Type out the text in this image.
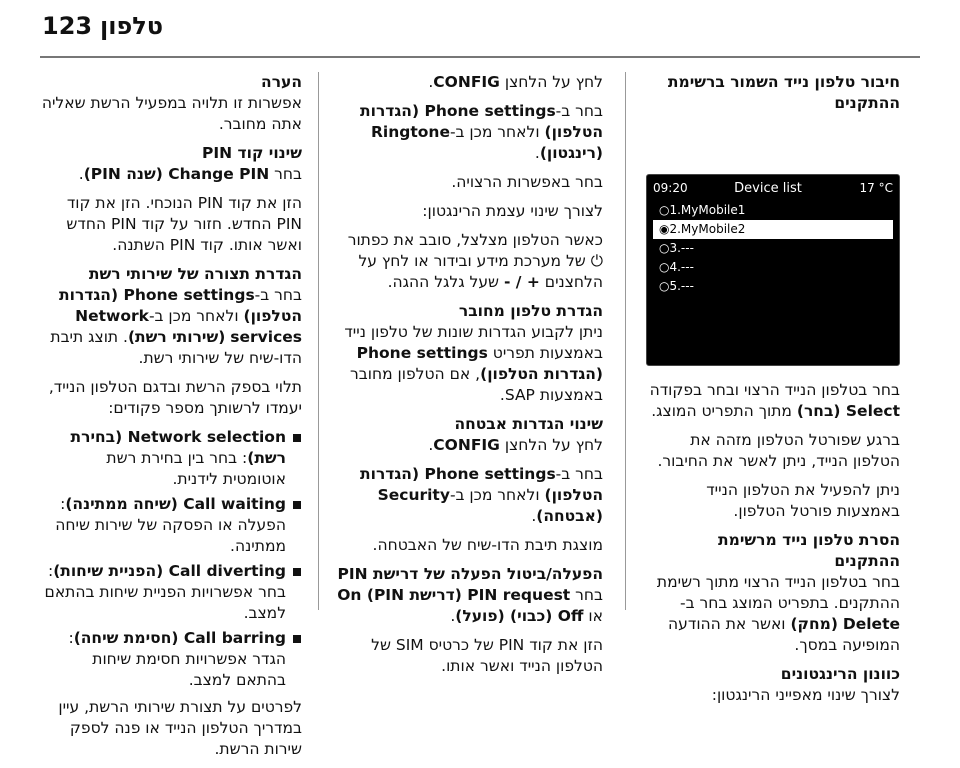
123 טלפון
חיבור טלפון נייד השמור ברשימת ההתקנים
09:20	Device list	17 °C
○1.MyMobile1
◉2.MyMobile2
○3.---
○4.---
○5.---

בחר בטלפון הנייד הרצוי ובחר בפקודה Select (בחר) מתוך התפריט המוצג.

ברגע שפורטל הטלפון מזהה את הטלפון הנייד, ניתן לאשר את החיבור.

ניתן להפעיל את הטלפון הנייד באמצעות פורטל הטלפון.

הסרת טלפון נייד מרשימת ההתקנים

בחר בטלפון הנייד הרצוי מתוך רשימת ההתקנים. בתפריט המוצג בחר ב-Delete (מחק) ואשר את ההודעה המופיעה במסך.

כוונון הרינגטונים

לצורך שינוי מאפייני הרינגטון:

לחץ על הלחצן CONFIG.

בחר ב-Phone settings (הגדרות הטלפון) ולאחר מכן ב-Ringtone (רינגטון).

בחר באפשרות הרצויה.

לצורך שינוי עצמת הרינגטון:

כאשר הטלפון מצלצל, סובב את כפתור ⏻ של מערכת מידע ובידור או לחץ על הלחצנים + / - שעל גלגל ההגה.

הגדרת טלפון מחובר

ניתן לקבוע הגדרות שונות של טלפון נייד באמצעות תפריט Phone settings (הגדרות הטלפון), אם הטלפון מחובר באמצעות SAP.

שינוי הגדרות אבטחה

לחץ על הלחצן CONFIG.

בחר ב-Phone settings (הגדרות הטלפון) ולאחר מכן ב-Security (אבטחה).

מוצגת תיבת הדו-שיח של האבטחה.

הפעלה/ביטול הפעלה של דרישת PIN

בחר PIN request (דרישת PIN) On או Off (כבוי) (פועל).

הזן את קוד PIN של כרטיס SIM של הטלפון הנייד ואשר אותו.

הערה

אפשרות זו תלויה במפעיל הרשת שאליה אתה מחובר.

שינוי קוד PIN

בחר Change PIN (שנה PIN).

הזן את קוד PIN הנוכחי. הזן את קוד PIN החדש. חזור על קוד PIN החדש ואשר אותו. קוד PIN השתנה.

הגדרת תצורה של שירותי רשת

בחר ב-Phone settings (הגדרות הטלפון) ולאחר מכן ב-Network services (שירותי רשת). תוצג תיבת הדו-שיח של שירותי רשת.

תלוי בספק הרשת ובדגם הטלפון הנייד, יעמדו לרשותך מספר פקודים:

Network selection (בחירת רשת): בחר בין בחירת רשת אוטומטית לידנית.
Call waiting (שיחה ממתינה): הפעלה או הפסקה של שירות שיחה ממתינה.
Call diverting (הפניית שיחות): בחר אפשרויות הפניית שיחות בהתאם למצב.
Call barring (חסימת שיחה): הגדר אפשרויות חסימת שיחות בהתאם למצב.

לפרטים על תצורת שירותי הרשת, עיין במדריך הטלפון הנייד או פנה לספק שירות הרשת.
